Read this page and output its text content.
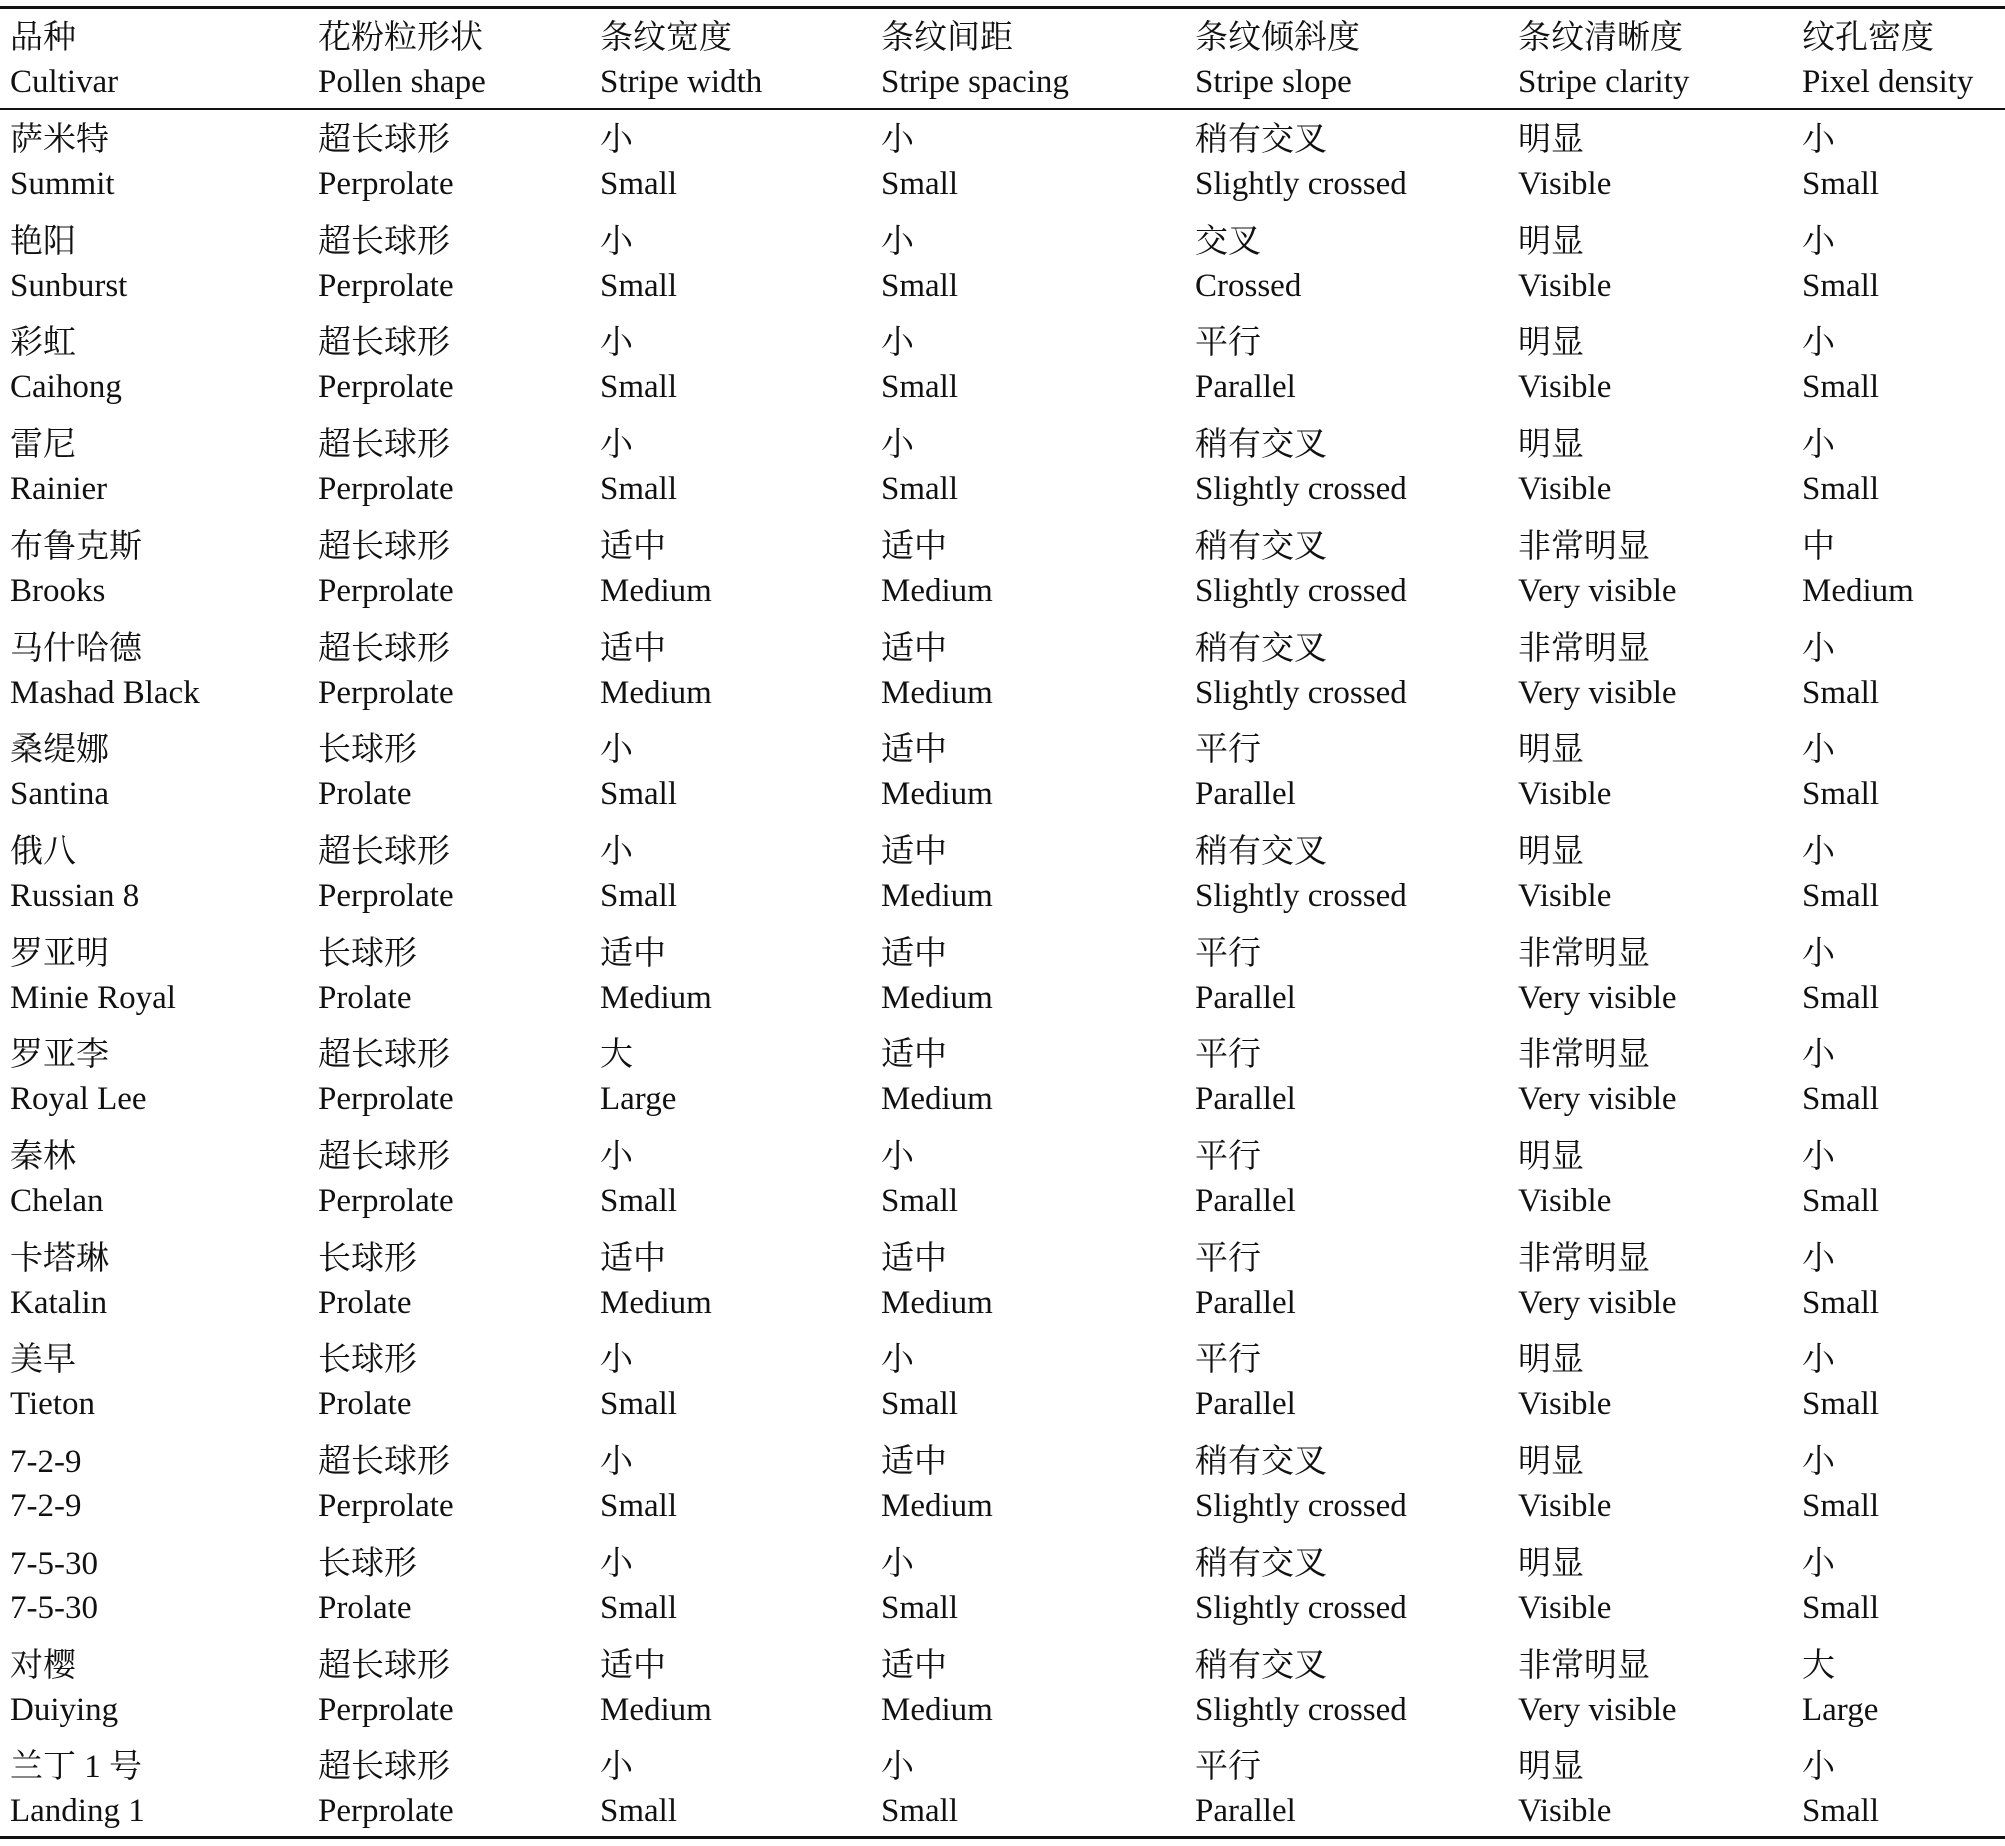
品种
Cultivar
花粉粒形状
Pollen shape
条纹宽度
Stripe width
条纹间距
Stripe spacing
条纹倾斜度
Stripe slope
条纹清晰度
Stripe clarity
纹孔密度
Pixel density
萨米特
Summit
超长球形
Perprolate
小
Small
小
Small
稍有交叉
Slightly crossed
明显
Visible
小
Small
艳阳
Sunburst
超长球形
Perprolate
小
Small
小
Small
交叉
Crossed
明显
Visible
小
Small
彩虹
Caihong
超长球形
Perprolate
小
Small
小
Small
平行
Parallel
明显
Visible
小
Small
雷尼
Rainier
超长球形
Perprolate
小
Small
小
Small
稍有交叉
Slightly crossed
明显
Visible
小
Small
布鲁克斯
Brooks
超长球形
Perprolate
适中
Medium
适中
Medium
稍有交叉
Slightly crossed
非常明显
Very visible
中
Medium
马什哈德
Mashad Black
超长球形
Perprolate
适中
Medium
适中
Medium
稍有交叉
Slightly crossed
非常明显
Very visible
小
Small
桑缇娜
Santina
长球形
Prolate
小
Small
适中
Medium
平行
Parallel
明显
Visible
小
Small
俄八
Russian 8
超长球形
Perprolate
小
Small
适中
Medium
稍有交叉
Slightly crossed
明显
Visible
小
Small
罗亚明
Minie Royal
长球形
Prolate
适中
Medium
适中
Medium
平行
Parallel
非常明显
Very visible
小
Small
罗亚李
Royal Lee
超长球形
Perprolate
大
Large
适中
Medium
平行
Parallel
非常明显
Very visible
小
Small
秦林
Chelan
超长球形
Perprolate
小
Small
小
Small
平行
Parallel
明显
Visible
小
Small
卡塔琳
Katalin
长球形
Prolate
适中
Medium
适中
Medium
平行
Parallel
非常明显
Very visible
小
Small
美早
Tieton
长球形
Prolate
小
Small
小
Small
平行
Parallel
明显
Visible
小
Small
7-2-9
7-2-9
超长球形
Perprolate
小
Small
适中
Medium
稍有交叉
Slightly crossed
明显
Visible
小
Small
7-5-30
7-5-30
长球形
Prolate
小
Small
小
Small
稍有交叉
Slightly crossed
明显
Visible
小
Small
对樱
Duiying
超长球形
Perprolate
适中
Medium
适中
Medium
稍有交叉
Slightly crossed
非常明显
Very visible
大
Large
兰丁 1 号
Landing 1
超长球形
Perprolate
小
Small
小
Small
平行
Parallel
明显
Visible
小
Small
